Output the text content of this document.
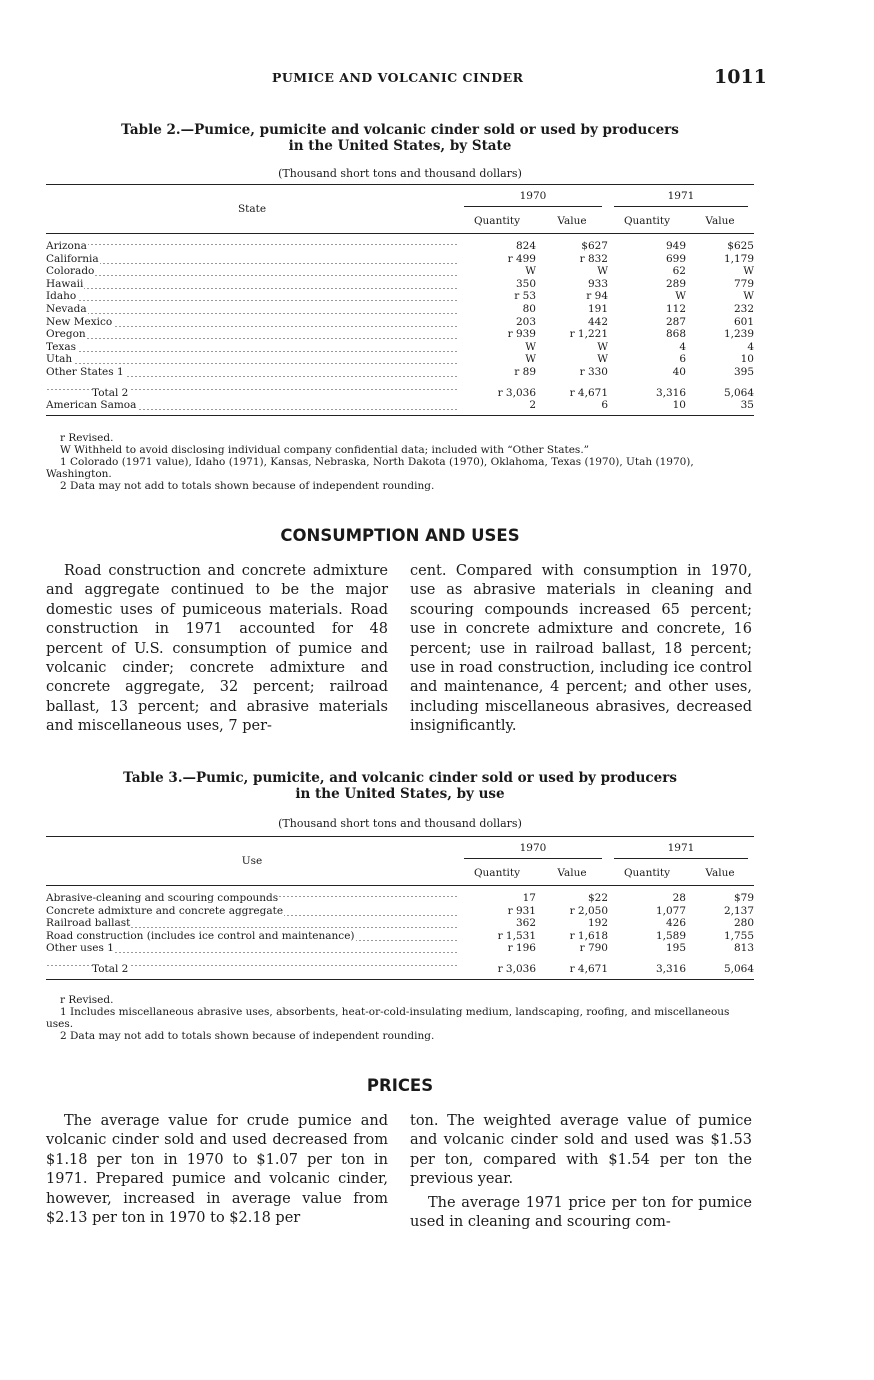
PUMICE AND VOLCANIC CINDER	1011
Table 2.—Pumice, pumicite and volcanic cinder sold or used by producers
in the United States, by State
(Thousand short tons and thousand dollars)
State	1970		1971	

	Quantity	Value	Quantity	Value
Arizona	824	$627	949	$625
California	r 499	r 832	699	1,179
Colorado	W	W	62	W
Hawaii	350	933	289	779
Idaho	r 53	r 94	W	W
Nevada	80	191	112	232
New Mexico	203	442	287	601
Oregon	r 939	r 1,221	868	1,239
Texas	W	W	4	4
Utah	W	W	6	10
Other States 1	r 89	r 330	40	395
Total 2	r 3,036	r 4,671	3,316	5,064
American Samoa	2	6	10	35
r Revised.
W Withheld to avoid disclosing individual company confidential data; included with “Other States.”
1 Colorado (1971 value), Idaho (1971), Kansas, Nebraska, North Dakota (1970), Oklahoma, Texas (1970), Utah (1970), Washington.
2 Data may not add to totals shown because of independent rounding.
CONSUMPTION AND USES

Road construction and concrete admixture and aggregate continued to be the major domestic uses of pumiceous materials. Road construction in 1971 accounted for 48 percent of U.S. consumption of pumice and volcanic cinder; concrete admixture and concrete aggregate, 32 percent; railroad ballast, 13 percent; and abrasive materials and miscellaneous uses, 7 per-

cent. Compared with consumption in 1970, use as abrasive materials in cleaning and scouring compounds increased 65 percent; use in concrete admixture and concrete, 16 percent; use in railroad ballast, 18 percent; use in road construction, including ice control and maintenance, 4 percent; and other uses, including miscellaneous abrasives, decreased insignificantly.

Table 3.—Pumic, pumicite, and volcanic cinder sold or used by producers
in the United States, by use
(Thousand short tons and thousand dollars)
Use	1970		1971	

	Quantity	Value	Quantity	Value
Abrasive-cleaning and scouring compounds	17	$22	28	$79
Concrete admixture and concrete aggregate	r 931	r 2,050	1,077	2,137
Railroad ballast	362	192	426	280
Road construction (includes ice control and maintenance)	r 1,531	r 1,618	1,589	1,755
Other uses 1	r 196	r 790	195	813
Total 2	r 3,036	r 4,671	3,316	5,064
r Revised.
1 Includes miscellaneous abrasive uses, absorbents, heat-or-cold-insulating medium, landscaping, roofing, and miscellaneous uses.
2 Data may not add to totals shown because of independent rounding.
PRICES

The average value for crude pumice and volcanic cinder sold and used decreased from $1.18 per ton in 1970 to $1.07 per ton in 1971. Prepared pumice and volcanic cinder, however, increased in average value from $2.13 per ton in 1970 to $2.18 per

ton. The weighted average value of pumice and volcanic cinder sold and used was $1.53 per ton, compared with $1.54 per ton the previous year.

The average 1971 price per ton for pumice used in cleaning and scouring com-
